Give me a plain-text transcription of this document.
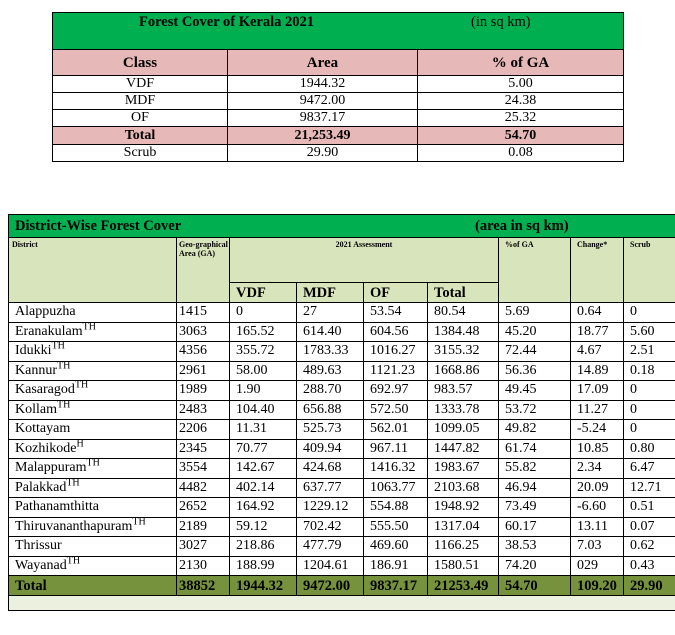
Forest Cover of Kerala 2021 (in sq km)		

Class	Area	% of GA
VDF	1944.32	5.00
MDF	9472.00	24.38
OF	9837.17	25.32
Total	21,253.49	54.70
Scrub	29.90	0.08
District-Wise Forest Cover (area in sq km)								

District	Geo-graphical Area (GA)	2021 Assessment				%of GA	Change*	Scrub
		VDF	MDF	OF	Total			
Alappuzha	1415	0	27	53.54	80.54	5.69	0.64	0
Eranakulam$^{TH}$	3063	165.52	614.40	604.56	1384.48	45.20	18.77	5.60
Idukki$^{TH}$	4356	355.72	1783.33	1016.27	3155.32	72.44	4.67	2.51
Kannur$^{TH}$	2961	58.00	489.63	1121.23	1668.86	56.36	14.89	0.18
Kasaragod$^{TH}$	1989	1.90	288.70	692.97	983.57	49.45	17.09	0
Kollam$^{TH}$	2483	104.40	656.88	572.50	1333.78	53.72	11.27	0
Kottayam	2206	11.31	525.73	562.01	1099.05	49.82	-5.24	0
Kozhikode$^H$	2345	70.77	409.94	967.11	1447.82	61.74	10.85	0.80
Malappuram$^{TH}$	3554	142.67	424.68	1416.32	1983.67	55.82	2.34	6.47
Palakkad$^{TH}$	4482	402.14	637.77	1063.77	2103.68	46.94	20.09	12.71
Pathanamthitta	2652	164.92	1229.12	554.88	1948.92	73.49	-6.60	0.51
Thiruvananthapuram$^{TH}$	2189	59.12	702.42	555.50	1317.04	60.17	13.11	0.07
Thrissur	3027	218.86	477.79	469.60	1166.25	38.53	7.03	0.62
Wayanad$^{TH}$	2130	188.99	1204.61	186.91	1580.51	74.20	029	0.43
Total	38852	1944.32	9472.00	9837.17	21253.49	54.70	109.20	29.90
